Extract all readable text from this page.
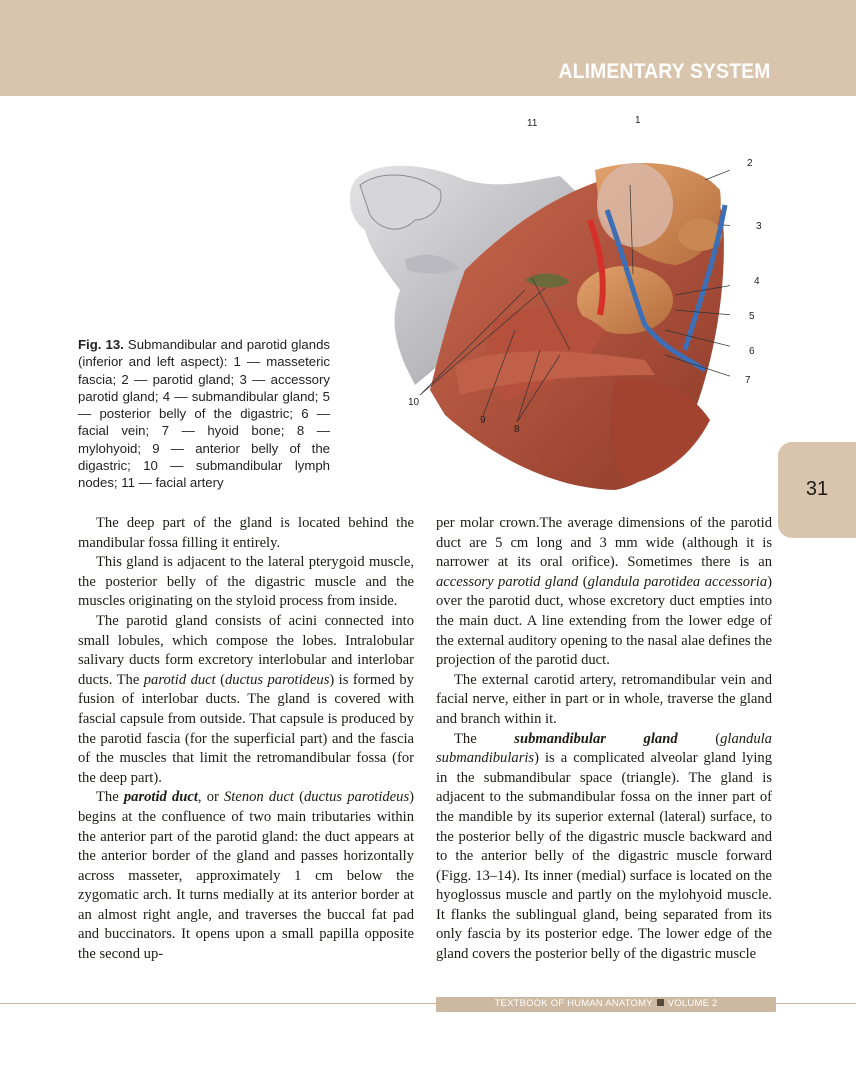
ALIMENTARY SYSTEM
31
11	1
2
3
4
5
6
7
10
9
8
Fig. 13. Submandibular and parotid glands (inferior and left aspect): 1 — masseteric fascia; 2 — parotid gland; 3 — accessory parotid gland; 4 — submandibular gland; 5 — posterior belly of the digastric; 6 — facial vein; 7 — hyoid bone; 8 — mylohyoid; 9 — anterior belly of the digastric; 10 — submandibular lymph nodes; 11 — facial artery

The deep part of the gland is located behind the mandibular fossa filling it entirely.

This gland is adjacent to the lateral pterygoid muscle, the posterior belly of the digastric muscle and the muscles originating on the styloid process from inside.

The parotid gland consists of acini connected into small lobules, which compose the lobes. Intralobular salivary ducts form excretory interlobular and interlobar ducts. The parotid duct (ductus parotideus) is formed by fusion of interlobar ducts. The gland is covered with fascial capsule from outside. That capsule is produced by the parotid fascia (for the superficial part) and the fascia of the muscles that limit the retromandibular fossa (for the deep part).

The parotid duct, or Stenon duct (ductus parotideus) begins at the confluence of two main tributaries within the anterior part of the parotid gland: the duct appears at the anterior border of the gland and passes horizontally across masseter, approximately 1 cm below the zygomatic arch. It turns medially at its anterior border at an almost right angle, and traverses the buccal fat pad and buccinators. It opens upon a small papilla opposite the second up-

per molar crown.The average dimensions of the parotid duct are 5 cm long and 3 mm wide (although it is narrower at its oral orifice). Sometimes there is an accessory parotid gland (glandula parotidea accessoria) over the parotid duct, whose excretory duct empties into the main duct. A line extending from the lower edge of the external auditory opening to the nasal alae defines the projection of the parotid duct.

The external carotid artery, retromandibular vein and facial nerve, either in part or in whole, traverse the gland and branch within it.

The submandibular gland (glandula submandibularis) is a complicated alveolar gland lying in the submandibular space (triangle). The gland is adjacent to the submandibular fossa on the inner part of the mandible by its superior external (lateral) surface, to the posterior belly of the digastric muscle backward and to the anterior belly of the digastric muscle forward (Figg. 13–14). Its inner (medial) surface is located on the hyoglossus muscle and partly on the mylohyoid muscle. It flanks the sublingual gland, being separated from its only fascia by its posterior edge. The lower edge of the gland covers the posterior belly of the digastric muscle

TEXTBOOK OF HUMAN ANATOMY VOLUME 2
